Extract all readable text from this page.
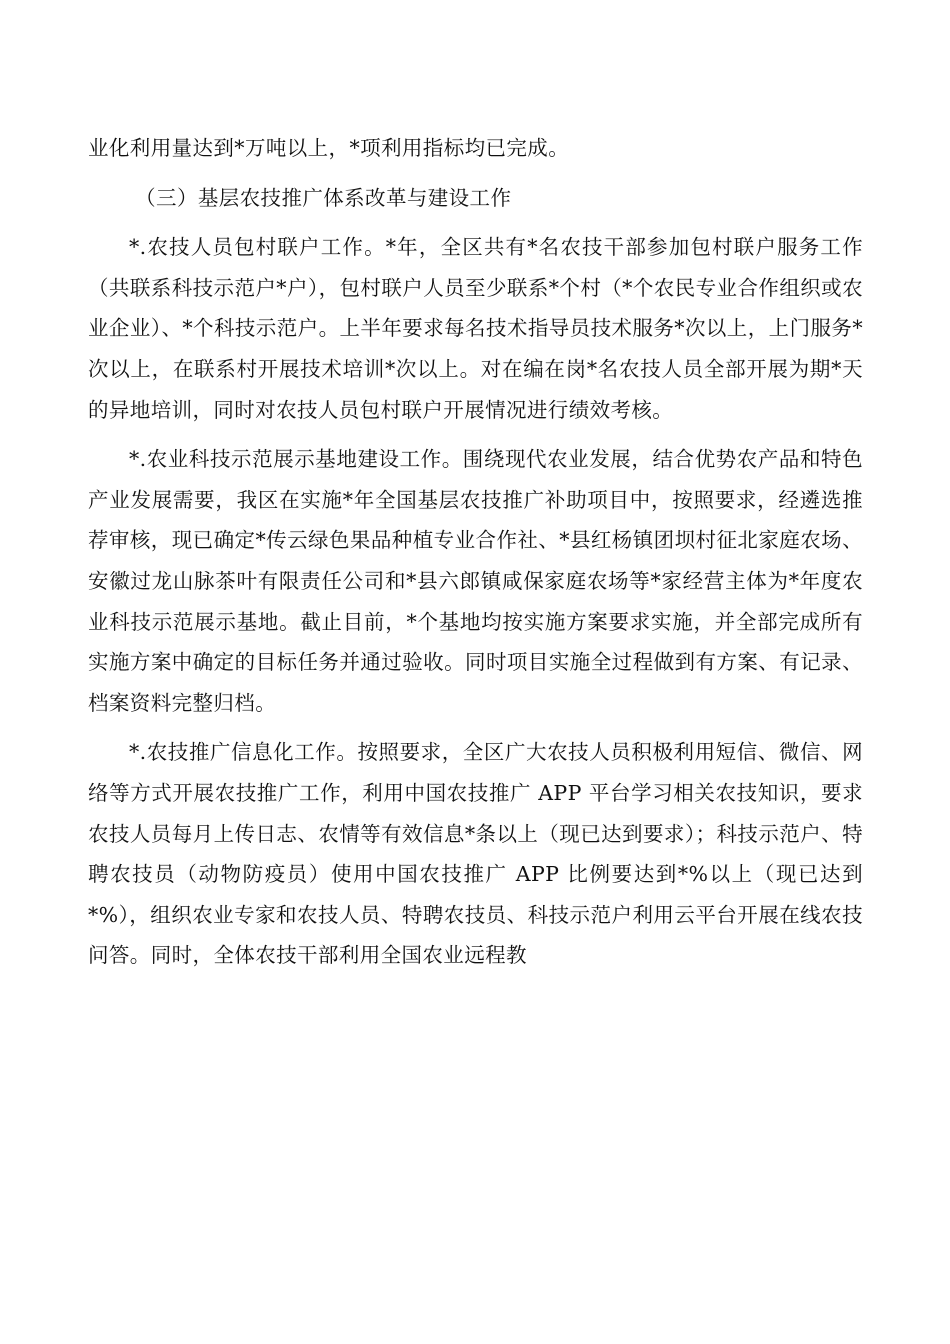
业化利用量达到*万吨以上，*项利用指标均已完成。

（三）基层农技推广体系改革与建设工作

*.农技人员包村联户工作。*年，全区共有*名农技干部参加包村联户服务工作（共联系科技示范户*户），包村联户人员至少联系*个村（*个农民专业合作组织或农业企业）、*个科技示范户。上半年要求每名技术指导员技术服务*次以上，上门服务*次以上，在联系村开展技术培训*次以上。对在编在岗*名农技人员全部开展为期*天的异地培训，同时对农技人员包村联户开展情况进行绩效考核。

*.农业科技示范展示基地建设工作。围绕现代农业发展，结合优势农产品和特色产业发展需要，我区在实施*年全国基层农技推广补助项目中，按照要求，经遴选推荐审核，现已确定*传云绿色果品种植专业合作社、*县红杨镇团坝村征北家庭农场、安徽过龙山脉茶叶有限责任公司和*县六郎镇咸保家庭农场等*家经营主体为*年度农业科技示范展示基地。截止目前，*个基地均按实施方案要求实施，并全部完成所有实施方案中确定的目标任务并通过验收。同时项目实施全过程做到有方案、有记录、档案资料完整归档。

*.农技推广信息化工作。按照要求，全区广大农技人员积极利用短信、微信、网络等方式开展农技推广工作，利用中国农技推广 APP 平台学习相关农技知识，要求农技人员每月上传日志、农情等有效信息*条以上（现已达到要求）；科技示范户、特聘农技员（动物防疫员）使用中国农技推广 APP 比例要达到*%以上（现已达到*%），组织农业专家和农技人员、特聘农技员、科技示范户利用云平台开展在线农技问答。同时，全体农技干部利用全国农业远程教
